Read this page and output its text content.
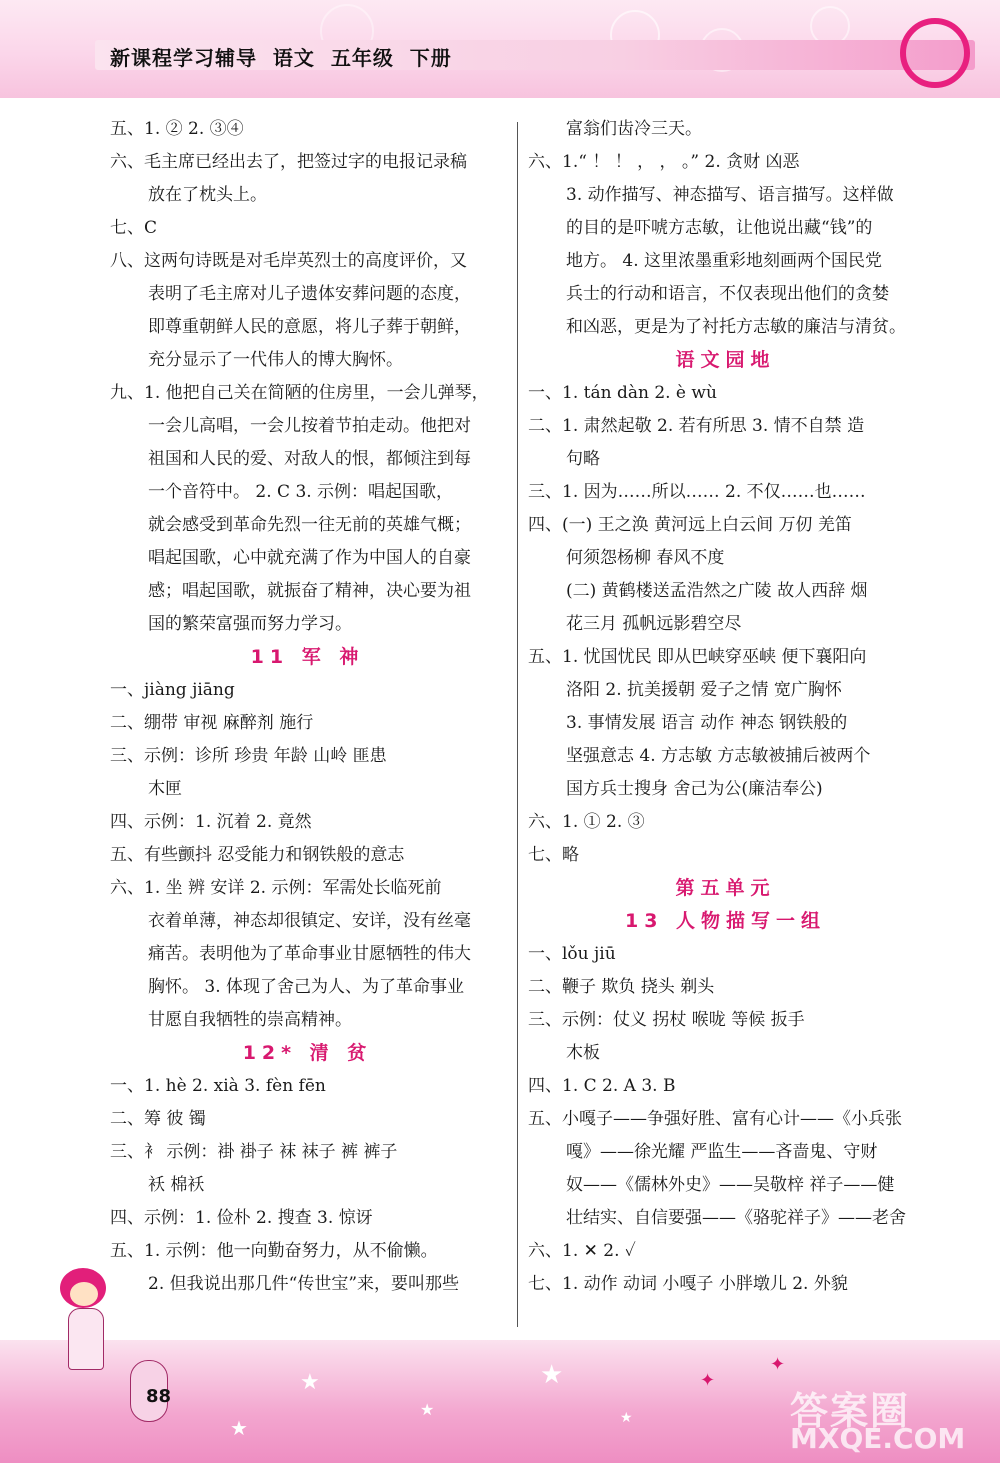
新课程学习辅导  语文  五年级  下册
五、1. ② 2. ③④
六、毛主席已经出去了，把签过字的电报记录稿
放在了枕头上。
七、C
八、这两句诗既是对毛岸英烈士的高度评价，又
表明了毛主席对儿子遗体安葬问题的态度，
即尊重朝鲜人民的意愿，将儿子葬于朝鲜，
充分显示了一代伟人的博大胸怀。
九、1. 他把自己关在简陋的住房里，一会儿弹琴，
一会儿高唱，一会儿按着节拍走动。他把对
祖国和人民的爱、对敌人的恨，都倾注到每
一个音符中。 2. C 3. 示例：唱起国歌，
就会感受到革命先烈一往无前的英雄气概；
唱起国歌，心中就充满了作为中国人的自豪
感；唱起国歌，就振奋了精神，决心要为祖
国的繁荣富强而努力学习。
11 军 神
一、jiàng jiāng
二、绷带 审视 麻醉剂 施行
三、示例：诊所 珍贵 年龄 山岭 匪患
木匣
四、示例：1. 沉着 2. 竟然
五、有些颤抖 忍受能力和钢铁般的意志
六、1. 坐 辨 安详 2. 示例：军需处长临死前
衣着单薄，神态却很镇定、安详，没有丝毫
痛苦。表明他为了革命事业甘愿牺牲的伟大
胸怀。 3. 体现了舍己为人、为了革命事业
甘愿自我牺牲的崇高精神。
12* 清 贫
一、1. hè 2. xià 3. fèn fēn
二、筹 彼 镯
三、衤 示例：褂 褂子 袜 袜子 裤 裤子
袄 棉袄
四、示例：1. 俭朴 2. 搜查 3. 惊讶
五、1. 示例：他一向勤奋努力，从不偷懒。
2. 但我说出那几件“传世宝”来，要叫那些
富翁们齿冷三天。
六、1.“ ！ ！ ， ， 。” 2. 贪财 凶恶
3. 动作描写、神态描写、语言描写。这样做
的目的是吓唬方志敏，让他说出藏“钱”的
地方。 4. 这里浓墨重彩地刻画两个国民党
兵士的行动和语言，不仅表现出他们的贪婪
和凶恶，更是为了衬托方志敏的廉洁与清贫。
语文园地
一、1. tán dàn 2. è wù
二、1. 肃然起敬 2. 若有所思 3. 情不自禁 造
句略
三、1. 因为……所以…… 2. 不仅……也……
四、(一) 王之涣 黄河远上白云间 万仞 羌笛
何须怨杨柳 春风不度
(二) 黄鹤楼送孟浩然之广陵 故人西辞 烟
花三月 孤帆远影碧空尽
五、1. 忧国忧民 即从巴峡穿巫峡 便下襄阳向
洛阳 2. 抗美援朝 爱子之情 宽广胸怀
3. 事情发展 语言 动作 神态 钢铁般的
坚强意志 4. 方志敏 方志敏被捕后被两个
国方兵士搜身 舍己为公(廉洁奉公)
六、1. ① 2. ③
七、略
第五单元
13 人物描写一组
一、lǒu jiū
二、鞭子 欺负 挠头 剃头
三、示例：仗义 拐杖 喉咙 等候 扳手
木板
四、1. C 2. A 3. B
五、小嘎子——争强好胜、富有心计——《小兵张
嘎》——徐光耀 严监生——吝啬鬼、守财
奴——《儒林外史》——吴敬梓 祥子——健
壮结实、自信要强——《骆驼祥子》——老舍
六、1. ✕ 2. ✓
七、1. 动作 动词 小嘎子 小胖墩儿 2. 外貌
★
★
★
★
✦
✦
★
88	答案圈
MXQE.COM
